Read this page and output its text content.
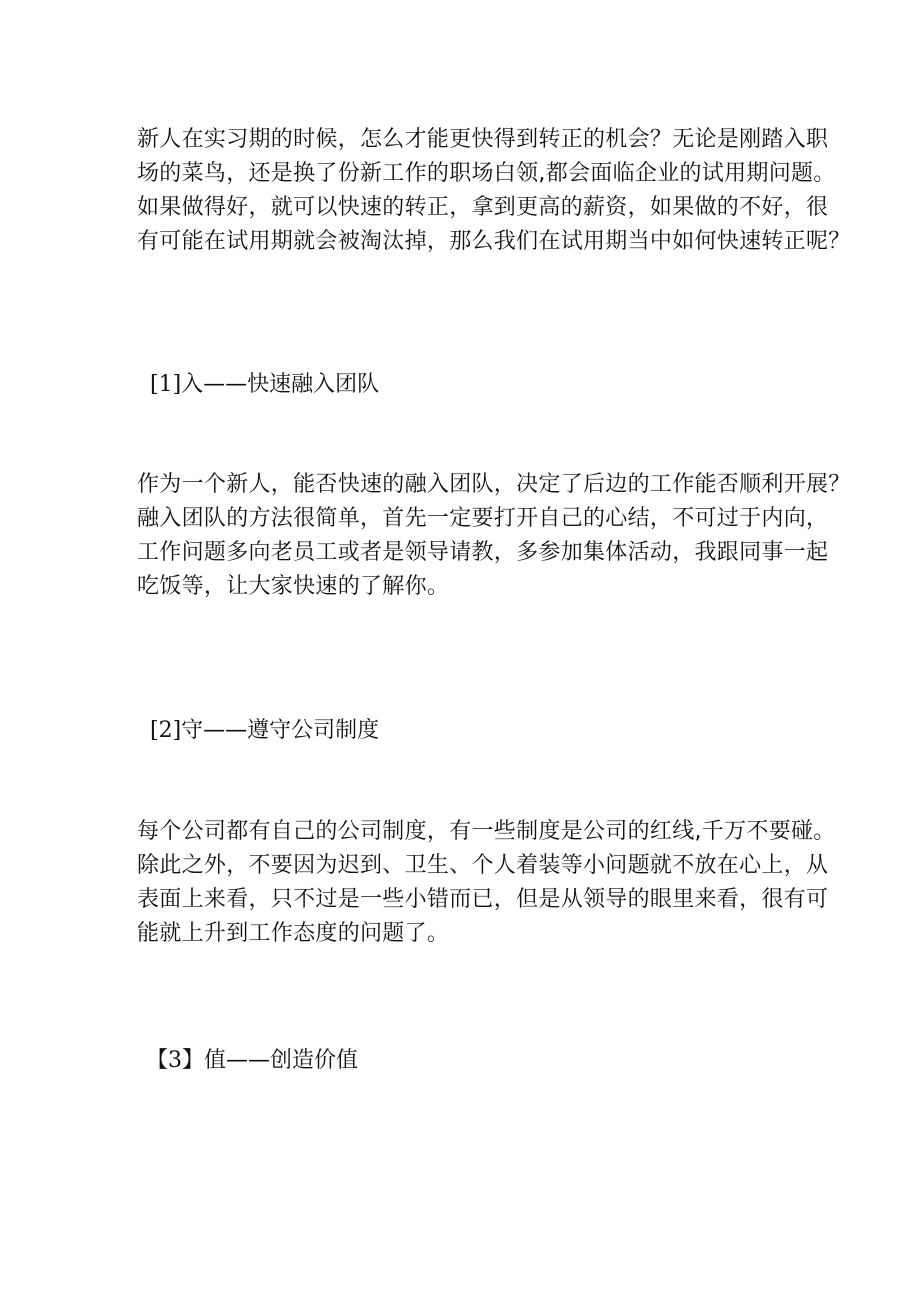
新人在实习期的时候，怎么才能更快得到转正的机会？无论是刚踏入职
场的菜鸟，还是换了份新工作的职场白领,都会面临企业的试用期问题。
如果做得好，就可以快速的转正，拿到更高的薪资，如果做的不好，很
有可能在试用期就会被淘汰掉，那么我们在试用期当中如何快速转正呢？

[1]入——快速融入团队

作为一个新人，能否快速的融入团队，决定了后边的工作能否顺利开展？
融入团队的方法很简单，首先一定要打开自己的心结，不可过于内向，
工作问题多向老员工或者是领导请教，多参加集体活动，我跟同事一起
吃饭等，让大家快速的了解你。

[2]守——遵守公司制度

每个公司都有自己的公司制度，有一些制度是公司的红线,千万不要碰。
除此之外，不要因为迟到、卫生、个人着装等小问题就不放在心上，从
表面上来看，只不过是一些小错而已，但是从领导的眼里来看，很有可
能就上升到工作态度的问题了。

【3】值——创造价值
